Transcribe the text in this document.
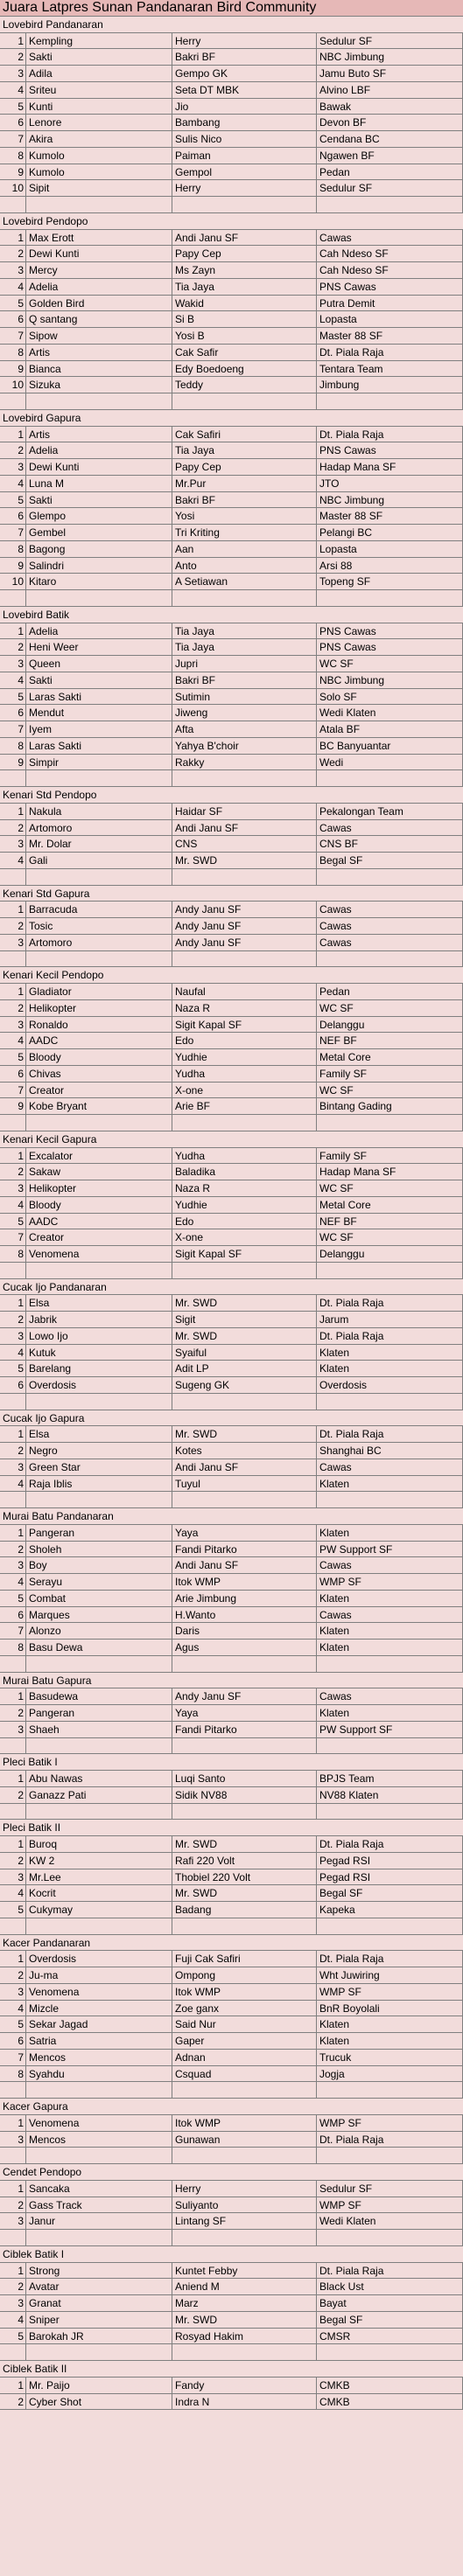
Juara Latpres Sunan Pandanaran Bird Community
Lovebird Pandanaran
1 Kempling	Herry	Sedulur SF
2 Sakti	Bakri BF	NBC Jimbung
3 Adila	Gempo GK	Jamu Buto SF
4 Sriteu	Seta DT MBK	Alvino LBF
5 Kunti	Jio	Bawak
6 Lenore	Bambang	Devon BF
7 Akira	Sulis Nico	Cendana BC
8 Kumolo	Paiman	Ngawen BF
9 Kumolo	Gempol	Pedan
10 Sipit	Herry	Sedulur SF
Lovebird Pendopo
1 Max Erott	Andi Janu SF	Cawas
2 Dewi Kunti	Papy Cep	Cah Ndeso SF
3 Mercy	Ms Zayn	Cah Ndeso SF
4 Adelia	Tia Jaya	PNS Cawas
5 Golden Bird	Wakid	Putra Demit
6 Q santang	Si B	Lopasta
7 Sipow	Yosi B	Master 88 SF
8 Artis	Cak Safir	Dt. Piala Raja
9 Bianca	Edy Boedoeng	Tentara Team
10 Sizuka	Teddy	Jimbung
Lovebird Gapura
1 Artis	Cak Safiri	Dt. Piala Raja
2 Adelia	Tia Jaya	PNS Cawas
3 Dewi Kunti	Papy Cep	Hadap Mana SF
4 Luna M	Mr.Pur	JTO
5 Sakti	Bakri BF	NBC Jimbung
6 Glempo	Yosi	Master 88 SF
7 Gembel	Tri Kriting	Pelangi BC
8 Bagong	Aan	Lopasta
9 Salindri	Anto	Arsi 88
10 Kitaro	A Setiawan	Topeng SF
Lovebird Batik
1 Adelia	Tia Jaya	PNS Cawas
2 Heni Weer	Tia Jaya	PNS Cawas
3 Queen	Jupri	WC SF
4 Sakti	Bakri BF	NBC Jimbung
5 Laras Sakti	Sutimin	Solo SF
6 Mendut	Jiweng	Wedi Klaten
7 Iyem	Afta	Atala BF
8 Laras Sakti	Yahya B'choir	BC Banyuantar
9 Simpir	Rakky	Wedi
Kenari Std Pendopo
1 Nakula	Haidar SF	Pekalongan Team
2 Artomoro	Andi Janu SF	Cawas
3 Mr. Dolar	CNS	CNS BF
4 Gali	Mr. SWD	Begal SF
Kenari Std Gapura
1 Barracuda	Andy Janu SF	Cawas
2 Tosic	Andy Janu SF	Cawas
3 Artomoro	Andy Janu SF	Cawas
Kenari Kecil Pendopo
1 Gladiator	Naufal	Pedan
2 Helikopter	Naza R	WC SF
3 Ronaldo	Sigit Kapal SF	Delanggu
4 AADC	Edo	NEF BF
5 Bloody	Yudhie	Metal Core
6 Chivas	Yudha	Family SF
7 Creator	X-one	WC SF
9 Kobe Bryant	Arie BF	Bintang Gading
Kenari Kecil Gapura
1 Excalator	Yudha	Family SF
2 Sakaw	Baladika	Hadap Mana SF
3 Helikopter	Naza R	WC SF
4 Bloody	Yudhie	Metal Core
5 AADC	Edo	NEF BF
7 Creator	X-one	WC SF
8 Venomena	Sigit Kapal SF	Delanggu
Cucak Ijo Pandanaran
1 Elsa	Mr. SWD	Dt. Piala Raja
2 Jabrik	Sigit	Jarum
3 Lowo Ijo	Mr. SWD	Dt. Piala Raja
4 Kutuk	Syaiful	Klaten
5 Barelang	Adit LP	Klaten
6 Overdosis	Sugeng GK	Overdosis
Cucak Ijo Gapura
1 Elsa	Mr. SWD	Dt. Piala Raja
2 Negro	Kotes	Shanghai BC
3 Green Star	Andi Janu SF	Cawas
4 Raja Iblis	Tuyul	Klaten
Murai Batu Pandanaran
1 Pangeran	Yaya	Klaten
2 Sholeh	Fandi Pitarko	PW Support SF
3 Boy	Andi Janu SF	Cawas
4 Serayu	Itok WMP	WMP SF
5 Combat	Arie Jimbung	Klaten
6 Marques	H.Wanto	Cawas
7 Alonzo	Daris	Klaten
8 Basu Dewa	Agus	Klaten
Murai Batu Gapura
1 Basudewa	Andy Janu SF	Cawas
2 Pangeran	Yaya	Klaten
3 Shaeh	Fandi Pitarko	PW Support SF
Pleci Batik I
1 Abu Nawas	Luqi Santo	BPJS Team
2 Ganazz Pati	Sidik NV88	NV88 Klaten
Pleci Batik II
1 Buroq	Mr. SWD	Dt. Piala Raja
2 KW 2	Rafi 220 Volt	Pegad RSI
3 Mr.Lee	Thobiel 220 Volt	Pegad RSI
4 Kocrit	Mr. SWD	Begal SF
5 Cukymay	Badang	Kapeka
Kacer Pandanaran
1 Overdosis	Fuji Cak Safiri	Dt. Piala Raja
2 Ju-ma	Ompong	Wht Juwiring
3 Venomena	Itok WMP	WMP SF
4 Mizcle	Zoe ganx	BnR Boyolali
5 Sekar Jagad	Said Nur	Klaten
6 Satria	Gaper	Klaten
7 Mencos	Adnan	Trucuk
8 Syahdu	Csquad	Jogja
Kacer Gapura
1 Venomena	Itok WMP	WMP SF
3 Mencos	Gunawan	Dt. Piala Raja
Cendet Pendopo
1 Sancaka	Herry	Sedulur SF
2 Gass Track	Suliyanto	WMP SF
3 Janur	Lintang SF	Wedi Klaten
Ciblek Batik I
1 Strong	Kuntet Febby	Dt. Piala Raja
2 Avatar	Aniend M	Black Ust
3 Granat	Marz	Bayat
4 Sniper	Mr. SWD	Begal SF
5 Barokah JR	Rosyad Hakim	CMSR
Ciblek Batik II
1 Mr. Paijo	Fandy	CMKB
2 Cyber Shot	Indra N	CMKB
